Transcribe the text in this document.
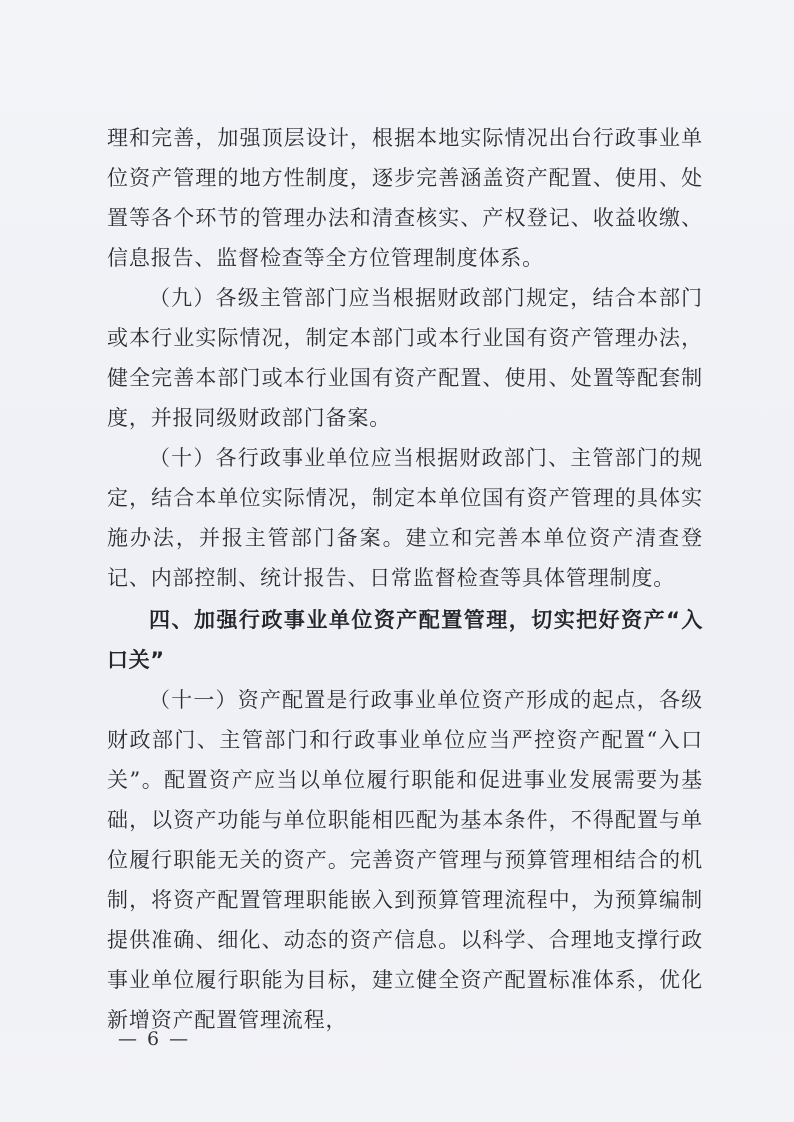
理和完善，加强顶层设计，根据本地实际情况出台行政事业单位资产管理的地方性制度，逐步完善涵盖资产配置、使用、处置等各个环节的管理办法和清查核实、产权登记、收益收缴、信息报告、监督检查等全方位管理制度体系。

（九）各级主管部门应当根据财政部门规定，结合本部门或本行业实际情况，制定本部门或本行业国有资产管理办法，健全完善本部门或本行业国有资产配置、使用、处置等配套制度，并报同级财政部门备案。

（十）各行政事业单位应当根据财政部门、主管部门的规定，结合本单位实际情况，制定本单位国有资产管理的具体实施办法，并报主管部门备案。建立和完善本单位资产清查登记、内部控制、统计报告、日常监督检查等具体管理制度。

四、加强行政事业单位资产配置管理，切实把好资产“入口关”

（十一）资产配置是行政事业单位资产形成的起点，各级财政部门、主管部门和行政事业单位应当严控资产配置“入口关”。配置资产应当以单位履行职能和促进事业发展需要为基础，以资产功能与单位职能相匹配为基本条件，不得配置与单位履行职能无关的资产。完善资产管理与预算管理相结合的机制，将资产配置管理职能嵌入到预算管理流程中，为预算编制提供准确、细化、动态的资产信息。以科学、合理地支撑行政事业单位履行职能为目标，建立健全资产配置标准体系，优化新增资产配置管理流程，

— 6 —
